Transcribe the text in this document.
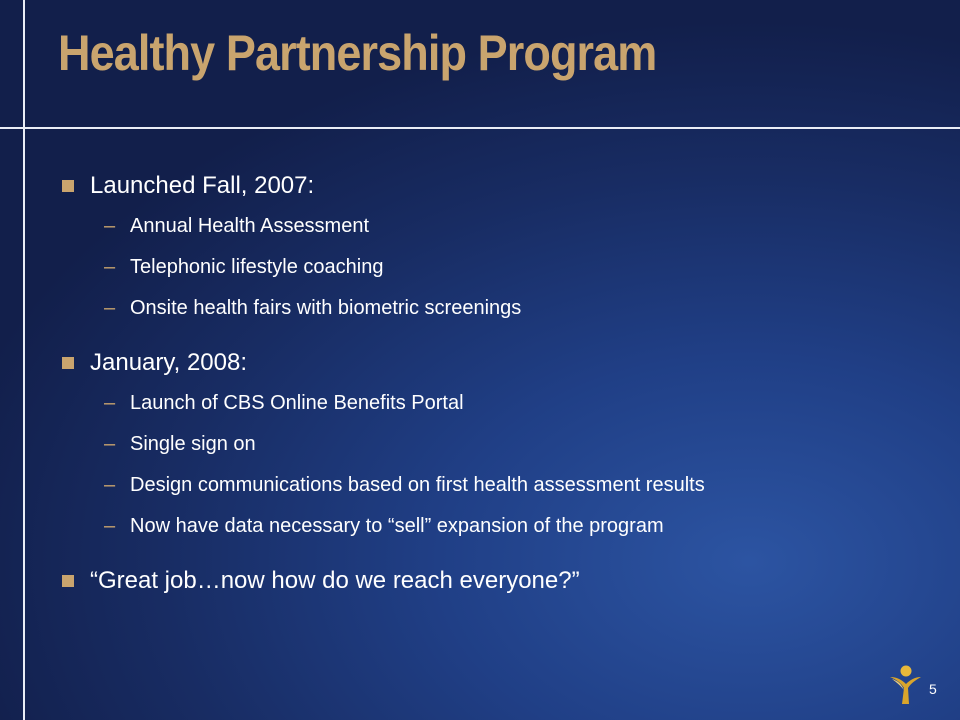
Healthy Partnership Program
Launched Fall, 2007:
– Annual Health Assessment
– Telephonic lifestyle coaching
– Onsite health fairs with biometric screenings
January, 2008:
– Launch of CBS Online Benefits Portal
– Single sign on
– Design communications based on first health assessment results
– Now have data necessary to “sell” expansion of the program
“Great job…now how do we reach everyone?”
5
